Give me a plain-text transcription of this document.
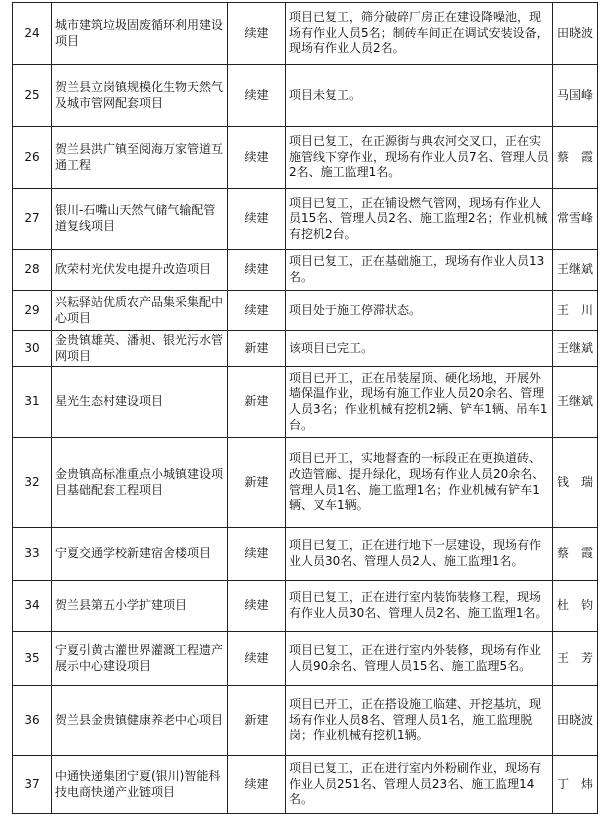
24	城市建筑垃圾固废循环利用建设项目	续建	项目已复工，筛分破碎厂房正在建设降噪池，现场有作业人员5名；制砖车间正在调试安装设备，现场有作业人员2名。	田晓波
25	贺兰县立岗镇规模化生物天然气及城市管网配套项目	续建	项目未复工。	马国峰
26	贺兰县洪广镇至阅海万家管道互通工程	续建	项目已复工，在正源街与典农河交叉口，正在实施管线下穿作业，现场有作业人员7名、管理人员2名、施工监理1名。	蔡　霞
27	银川-石嘴山天然气储气输配管道复线项目	续建	项目已复工，正在铺设燃气管网，现场有作业人员15名、管理人员2名、施工监理2名；作业机械有挖机2台。	常雪峰
28	欣荣村光伏发电提升改造项目	续建	项目已复工，正在基础施工，现场有作业人员13名。	王继斌
29	兴耘驿站优质农产品集采集配中心项目	续建	项目处于施工停滞状态。	王　川
30	金贵镇雄英、潘昶、银光污水管网项目	新建	该项目已完工。	王继斌
31	星光生态村建设项目	新建	项目已开工，正在吊装屋顶、硬化场地，开展外墙保温作业，现场有施工作业人员20余名、管理人员3名；作业机械有挖机2辆、铲车1辆、吊车1台。	王继斌
32	金贵镇高标准重点小城镇建设项目基础配套工程项目	新建	项目已开工，实地督查的一标段正在更换道砖、改造管廊、提升绿化，现场有作业人员20余名、管理人员1名、施工监理1名；作业机械有铲车1辆、叉车1辆。	钱　瑞
33	宁夏交通学校新建宿舍楼项目	续建	项目已复工，正在进行地下一层建设，现场有作业人员30名、管理人员2人、施工监理1名。	蔡　霞
34	贺兰县第五小学扩建项目	续建	项目已复工，正在进行室内装饰装修工程，现场有作业人员30名、管理人员2名、施工监理1名。	杜　钧
35	宁夏引黄古灌世界灌溉工程遗产展示中心建设项目	续建	项目已复工，正在进行室内外装修，现场有作业人员90余名、管理人员15名、施工监理5名。	王　芳
36	贺兰县金贵镇健康养老中心项目	新建	项目已开工，正在搭设施工临建、开挖基坑，现场有作业人员8名、管理人员1名，施工监理脱岗；作业机械有挖机1辆。	田晓波
37	中通快递集团宁夏(银川)智能科技电商快递产业链项目	续建	项目已复工，正在进行室内外粉刷作业，现场有作业人员251名、管理人员23名、施工监理14名。	丁　炜
